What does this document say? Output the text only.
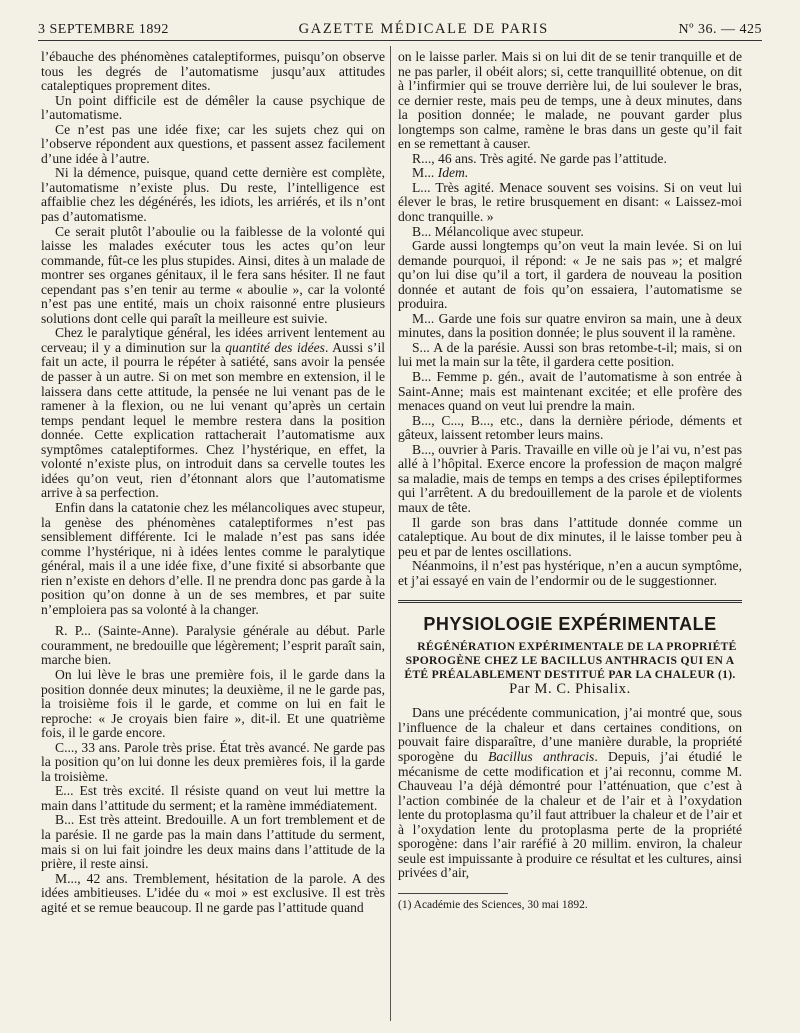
3 SEPTEMBRE 1892	GAZETTE MÉDICALE DE PARIS	Nº 36. — 425

l’ébauche des phénomènes cataleptiformes, puisqu’on observe tous les degrés de l’automatisme jusqu’aux attitudes cataleptiques proprement dites.

Un point difficile est de démêler la cause psychique de l’automatisme.

Ce n’est pas une idée fixe; car les sujets chez qui on l’observe répondent aux questions, et passent assez facilement d’une idée à l’autre.

Ni la démence, puisque, quand cette dernière est complète, l’automatisme n’existe plus. Du reste, l’intelligence est affaiblie chez les dégénérés, les idiots, les arriérés, et ils n’ont pas d’automatisme.

Ce serait plutôt l’aboulie ou la faiblesse de la volonté qui laisse les malades exécuter tous les actes qu’on leur commande, fût-ce les plus stupides. Ainsi, dites à un malade de montrer ses organes génitaux, il le fera sans hésiter. Il ne faut cependant pas s’en tenir au terme « aboulie », car la volonté n’est pas une entité, mais un choix raisonné entre plusieurs solutions dont celle qui paraît la meilleure est suivie.

Chez le paralytique général, les idées arrivent lentement au cerveau; il y a diminution sur la quantité des idées. Aussi s’il fait un acte, il pourra le répéter à satiété, sans avoir la pensée de passer à un autre. Si on met son membre en extension, il le laissera dans cette attitude, la pensée ne lui venant pas de le ramener à la flexion, ou ne lui venant qu’après un certain temps pendant lequel le membre restera dans la position donnée. Cette explication rattacherait l’automatisme aux symptômes cataleptiformes. Chez l’hystérique, en effet, la volonté n’existe plus, on introduit dans sa cervelle toutes les idées qu’on veut, rien d’étonnant alors que l’automatisme arrive à sa perfection.

Enfin dans la catatonie chez les mélancoliques avec stupeur, la genèse des phénomènes cataleptiformes n’est pas sensiblement différente. Ici le malade n’est pas sans idée comme l’hystérique, ni à idées lentes comme le paralytique général, mais il a une idée fixe, d’une fixité si absorbante que rien n’existe en dehors d’elle. Il ne prendra donc pas garde à la position qu’on donne à un de ses membres, et par suite n’emploiera pas sa volonté à la changer.

R. P... (Sainte-Anne). Paralysie générale au début. Parle couramment, ne bredouille que légèrement; l’esprit paraît sain, marche bien.

On lui lève le bras une première fois, il le garde dans la position donnée deux minutes; la deuxième, il ne le garde pas, la troisième fois il le garde, et comme on lui en fait le reproche: « Je croyais bien faire », dit-il. Et une quatrième fois, il le garde encore.

C..., 33 ans. Parole très prise. État très avancé. Ne garde pas la position qu’on lui donne les deux premières fois, il la garde la troisième.

E... Est très excité. Il résiste quand on veut lui mettre la main dans l’attitude du serment; et la ramène immédiatement.

B... Est très atteint. Bredouille. A un fort tremblement et de la parésie. Il ne garde pas la main dans l’attitude du serment, mais si on lui fait joindre les deux mains dans l’attitude de la prière, il reste ainsi.

M..., 42 ans. Tremblement, hésitation de la parole. A des idées ambitieuses. L’idée du « moi » est exclusive. Il est très agité et se remue beaucoup. Il ne garde pas l’attitude quand

on le laisse parler. Mais si on lui dit de se tenir tranquille et de ne pas parler, il obéit alors; si, cette tranquillité obtenue, on dit à l’infirmier qui se trouve derrière lui, de lui soulever le bras, ce dernier reste, mais peu de temps, une à deux minutes, dans la position donnée; le malade, ne pouvant garder plus longtemps son calme, ramène le bras dans un geste qu’il fait en se remettant à causer.

R..., 46 ans. Très agité. Ne garde pas l’attitude.

M... Idem.

L... Très agité. Menace souvent ses voisins. Si on veut lui élever le bras, le retire brusquement en disant: « Laissez-moi donc tranquille. »

B... Mélancolique avec stupeur.

Garde aussi longtemps qu’on veut la main levée. Si on lui demande pourquoi, il répond: « Je ne sais pas »; et malgré qu’on lui dise qu’il a tort, il gardera de nouveau la position donnée et autant de fois qu’on essaiera, l’automatisme se produira.

M... Garde une fois sur quatre environ sa main, une à deux minutes, dans la position donnée; le plus souvent il la ramène.

S... A de la parésie. Aussi son bras retombe-t-il; mais, si on lui met la main sur la tête, il gardera cette position.

B... Femme p. gén., avait de l’automatisme à son entrée à Saint-Anne; mais est maintenant excitée; et elle profère des menaces quand on veut lui prendre la main.

B..., C..., B..., etc., dans la dernière période, déments et gâteux, laissent retomber leurs mains.

B..., ouvrier à Paris. Travaille en ville où je l’ai vu, n’est pas allé à l’hôpital. Exerce encore la profession de maçon malgré sa maladie, mais de temps en temps a des crises épileptiformes qui l’arrêtent. A du bredouillement de la parole et de violents maux de tête.

Il garde son bras dans l’attitude donnée comme un cataleptique. Au bout de dix minutes, il le laisse tomber peu à peu et par de lentes oscillations.

Néanmoins, il n’est pas hystérique, n’en a aucun symptôme, et j’ai essayé en vain de l’endormir ou de le suggestionner.

PHYSIOLOGIE EXPÉRIMENTALE

RÉGÉNÉRATION EXPÉRIMENTALE DE LA PROPRIÉTÉ SPOROGÈNE CHEZ LE BACILLUS ANTHRACIS QUI EN A ÉTÉ PRÉALABLEMENT DESTITUÉ PAR LA CHALEUR (1).

Par M. C. Phisalix.

Dans une précédente communication, j’ai montré que, sous l’influence de la chaleur et dans certaines conditions, on pouvait faire disparaître, d’une manière durable, la propriété sporogène du Bacillus anthracis. Depuis, j’ai étudié le mécanisme de cette modification et j’ai reconnu, comme M. Chauveau l’a déjà démontré pour l’atténuation, que c’est à l’action combinée de la chaleur et de l’air et à l’oxydation lente du protoplasma qu’il faut attribuer la chaleur et de l’air et à l’oxydation lente du protoplasma perte de la propriété sporogène: dans l’air raréfié à 20 millim. environ, la chaleur seule est impuissante à produire ce résultat et les cultures, ainsi privées d’air,

(1) Académie des Sciences, 30 mai 1892.
